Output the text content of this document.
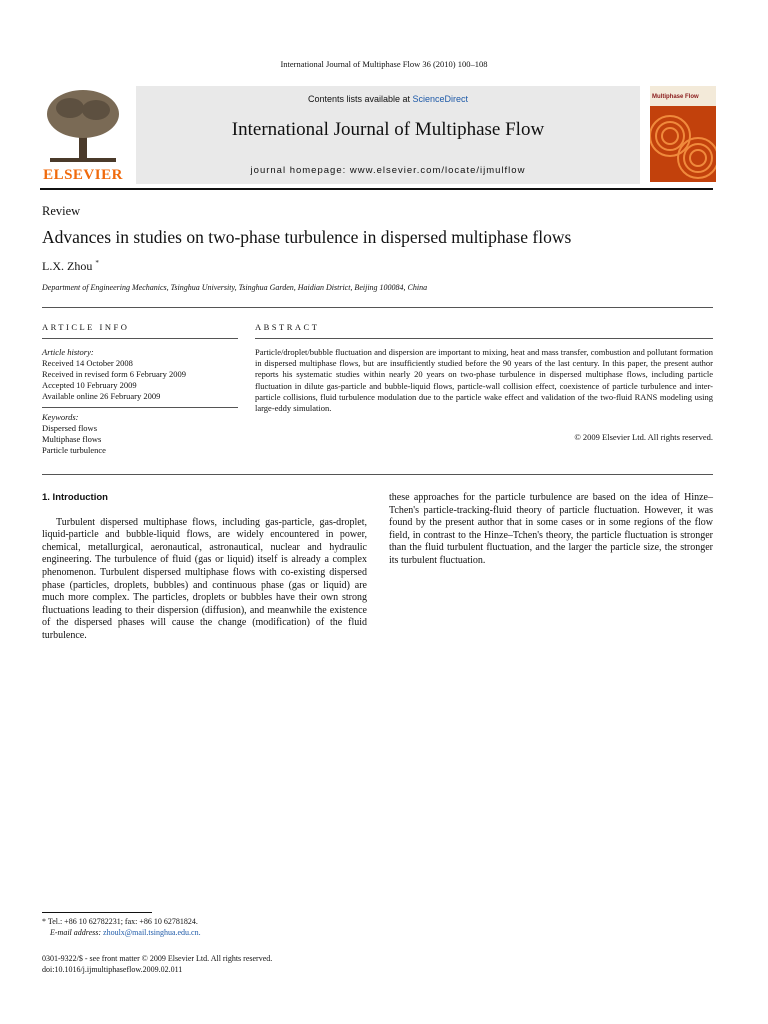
International Journal of Multiphase Flow 36 (2010) 100–108
ELSEVIER
Contents lists available at ScienceDirect
International Journal of Multiphase Flow
journal homepage: www.elsevier.com/locate/ijmulflow
Multiphase Flow
Review
Advances in studies on two-phase turbulence in dispersed multiphase flows
L.X. Zhou *
Department of Engineering Mechanics, Tsinghua University, Tsinghua Garden, Haidian District, Beijing 100084, China
ARTICLE INFO	ABSTRACT
Article history:
Received 14 October 2008
Received in revised form 6 February 2009
Accepted 10 February 2009
Available online 26 February 2009
Keywords:
Dispersed flows
Multiphase flows
Particle turbulence
Particle/droplet/bubble fluctuation and dispersion are important to mixing, heat and mass transfer, combustion and pollutant formation in dispersed multiphase flows, but are insufficiently studied before the 90 years of the last century. In this paper, the present author reports his systematic studies within nearly 20 years on two-phase turbulence in dispersed multiphase flows, including particle fluctuation in dilute gas-particle and bubble-liquid flows, particle-wall collision effect, coexistence of particle turbulence and inter-particle collisions, fluid turbulence modulation due to the particle wake effect and validation of the two-fluid RANS modeling using large-eddy simulation.
© 2009 Elsevier Ltd. All rights reserved.
1. Introduction

Turbulent dispersed multiphase flows, including gas-particle, gas-droplet, liquid-particle and bubble-liquid flows, are widely encountered in power, chemical, metallurgical, aeronautical, astronautical, nuclear and hydraulic engineering. The turbulence of fluid (gas or liquid) itself is already a complex phenomenon. Turbulent dispersed multiphase flows with co-existing dispersed phase (particles, droplets, bubbles) and continuous phase (gas or liquid) are much more complex. The particles, droplets or bubbles have their own strong fluctuations leading to their dispersion (diffusion), and meanwhile the existence of the dispersed phases will cause the change (modification) of the fluid turbulence.

these approaches for the particle turbulence are based on the idea of Hinze–Tchen's particle-tracking-fluid theory of particle fluctuation. However, it was found by the present author that in some cases or in some regions of the flow field, in contrast to the Hinze–Tchen's theory, the particle fluctuation is stronger than the fluid turbulent fluctuation, and the larger the particle size, the stronger its turbulent fluctuation.

* Tel.: +86 10 62782231; fax: +86 10 62781824.
E-mail address: zhoulx@mail.tsinghua.edu.cn.
0301-9322/$ - see front matter © 2009 Elsevier Ltd. All rights reserved.
doi:10.1016/j.ijmultiphaseflow.2009.02.011
